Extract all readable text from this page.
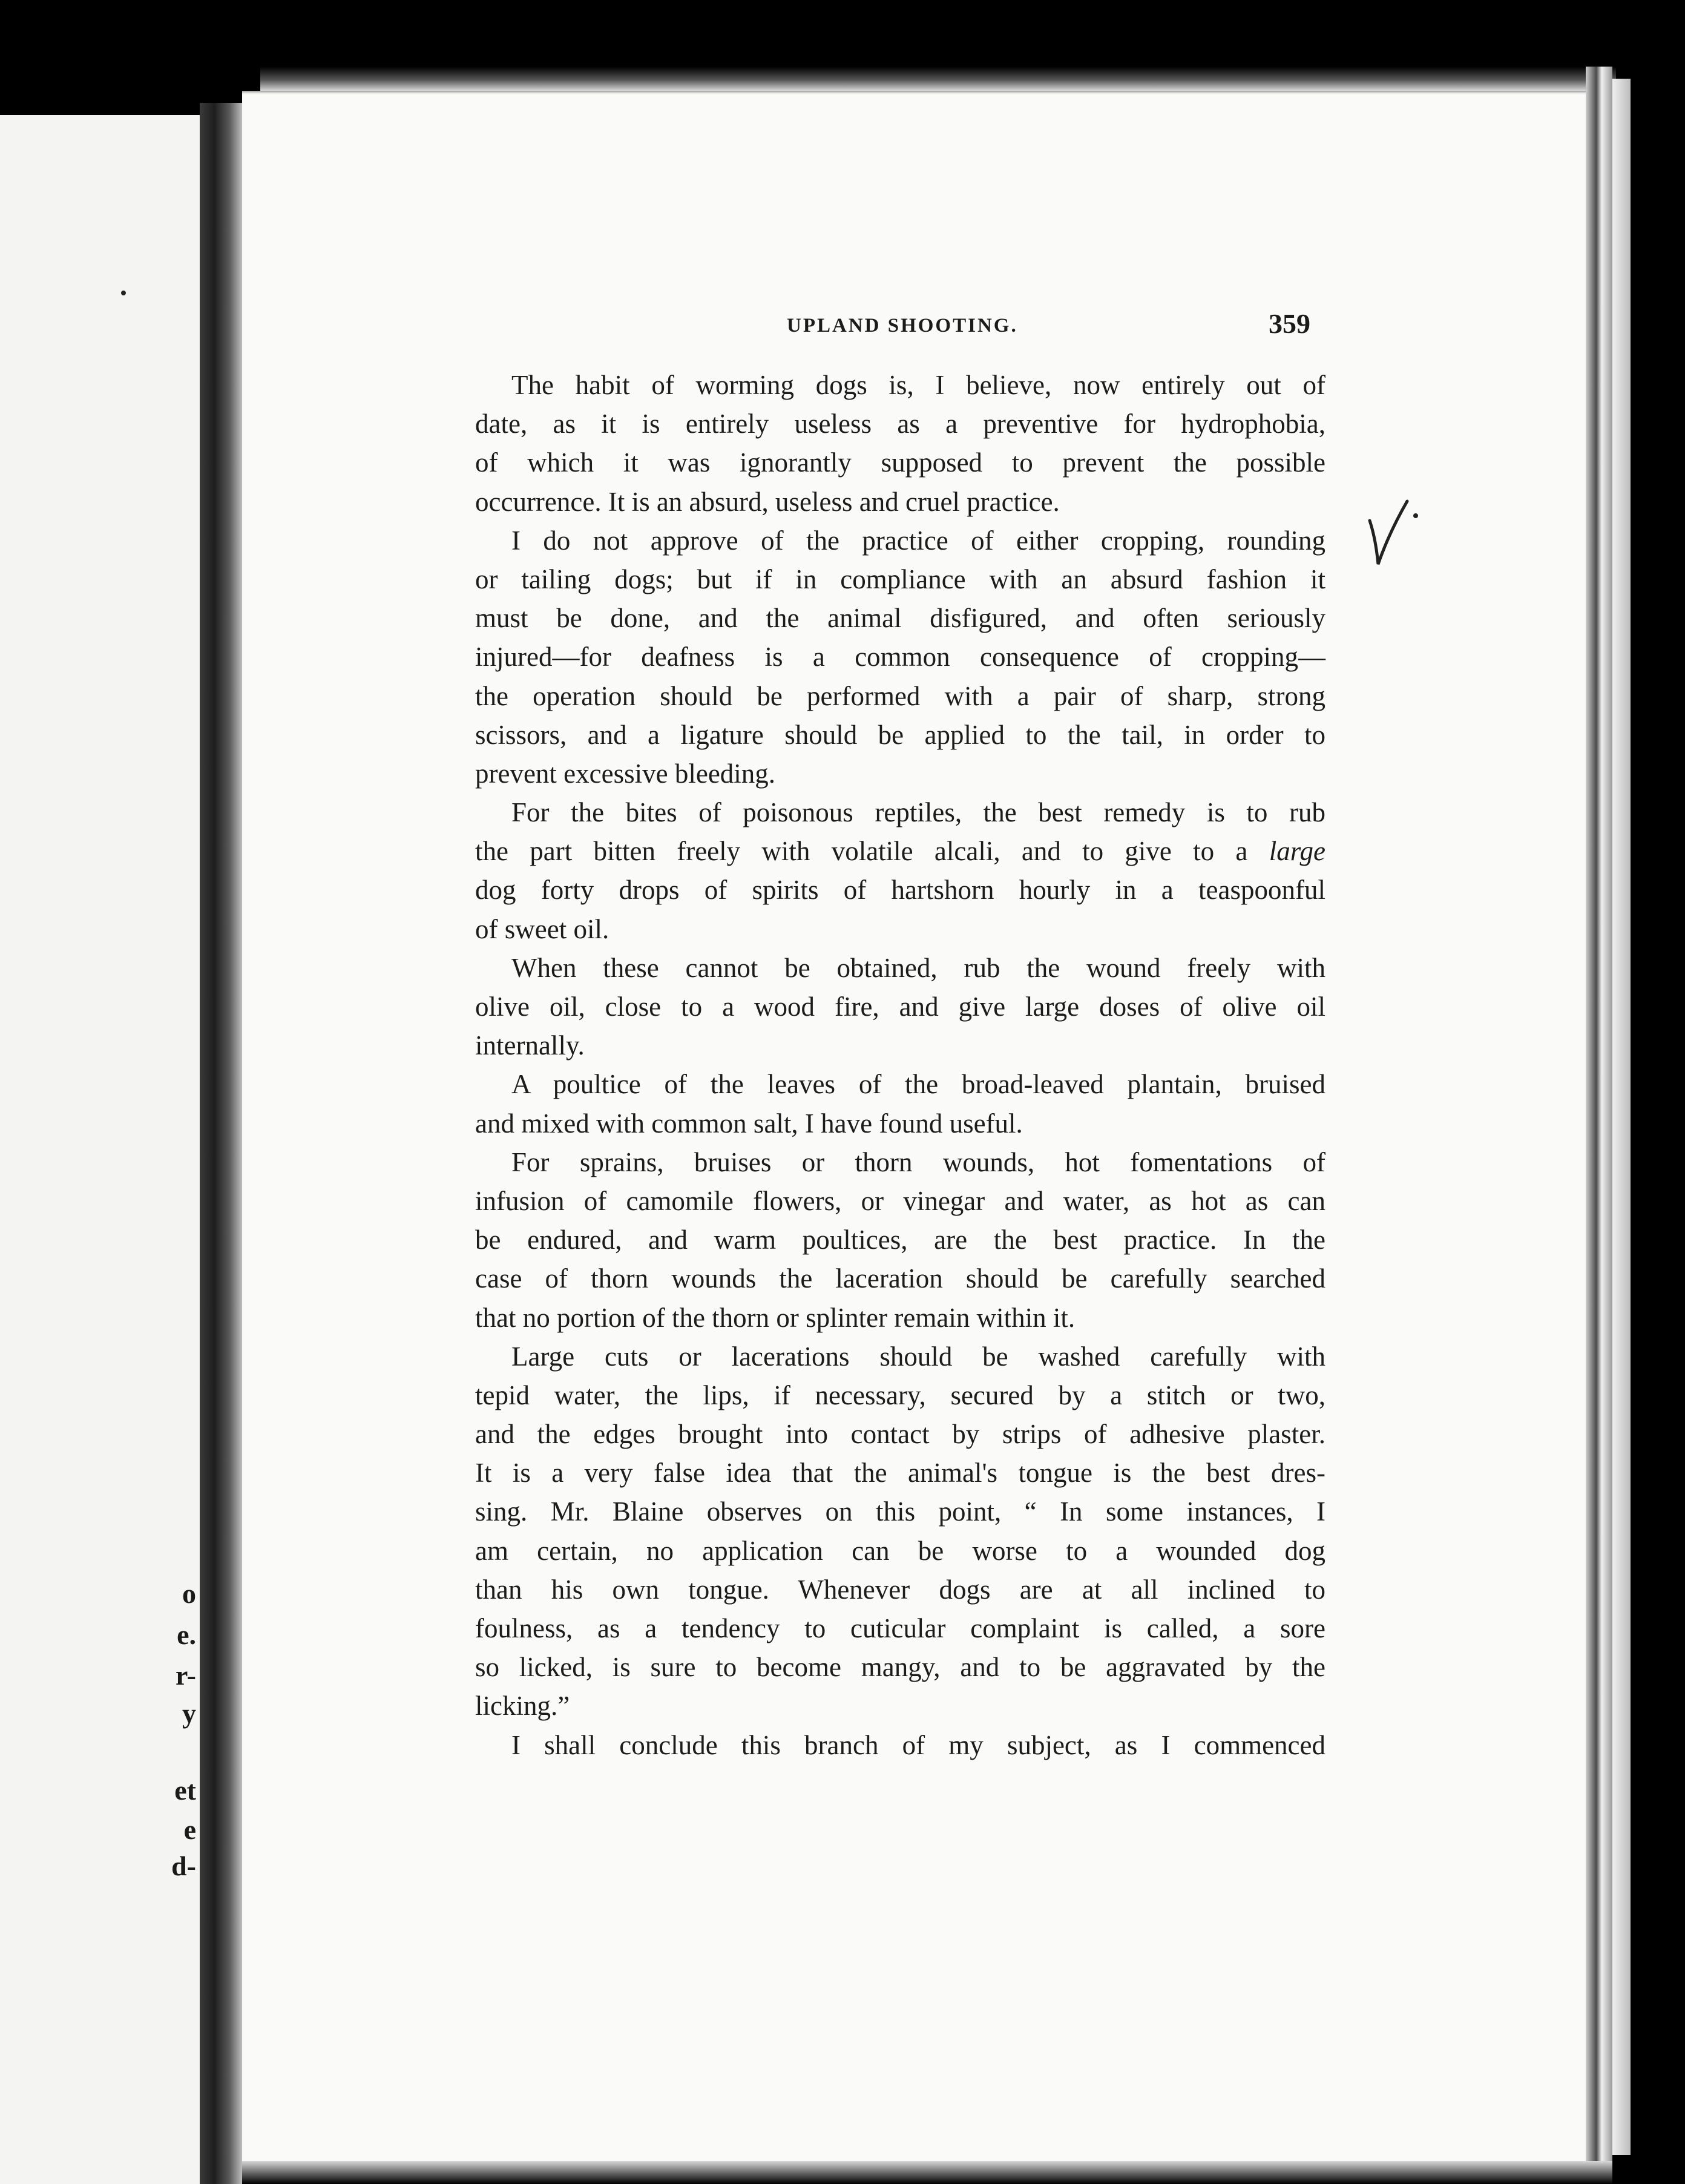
o
e.
r-
y
et
e
d-
UPLAND SHOOTING.	359
The habit of worming dogs is, I believe, now entirely out of
date, as it is entirely useless as a preventive for hydrophobia,
of which it was ignorantly supposed to prevent the possible
occurrence. It is an absurd, useless and cruel practice.
I do not approve of the practice of either cropping, rounding
or tailing dogs; but if in compliance with an absurd fashion it
must be done, and the animal disfigured, and often seriously
injured—for deafness is a common consequence of cropping—
the operation should be performed with a pair of sharp, strong
scissors, and a ligature should be applied to the tail, in order to
prevent excessive bleeding.
For the bites of poisonous reptiles, the best remedy is to rub
the part bitten freely with volatile alcali, and to give to a large
dog forty drops of spirits of hartshorn hourly in a teaspoonful
of sweet oil.
When these cannot be obtained, rub the wound freely with
olive oil, close to a wood fire, and give large doses of olive oil
internally.
A poultice of the leaves of the broad-leaved plantain, bruised
and mixed with common salt, I have found useful.
For sprains, bruises or thorn wounds, hot fomentations of
infusion of camomile flowers, or vinegar and water, as hot as can
be endured, and warm poultices, are the best practice. In the
case of thorn wounds the laceration should be carefully searched
that no portion of the thorn or splinter remain within it.
Large cuts or lacerations should be washed carefully with
tepid water, the lips, if necessary, secured by a stitch or two,
and the edges brought into contact by strips of adhesive plaster.
It is a very false idea that the animal's tongue is the best dres-
sing. Mr. Blaine observes on this point, “ In some instances, I
am certain, no application can be worse to a wounded dog
than his own tongue. Whenever dogs are at all inclined to
foulness, as a tendency to cuticular complaint is called, a sore
so licked, is sure to become mangy, and to be aggravated by the
licking.”
I shall conclude this branch of my subject, as I commenced
